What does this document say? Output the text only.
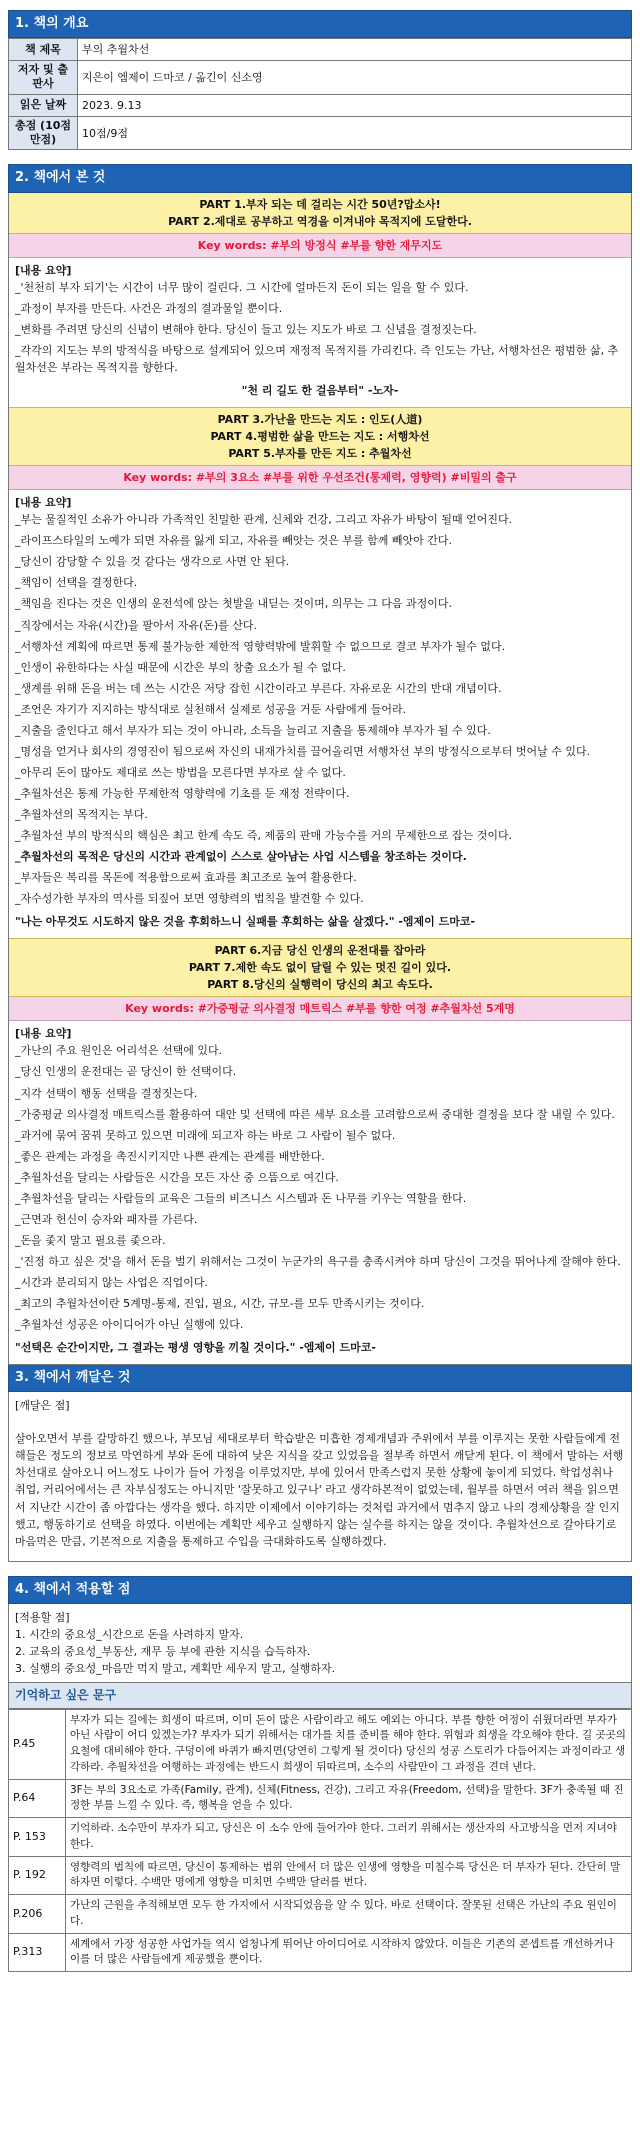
1. 책의 개요
책 제목	부의 추월차선
저자 및 출판사	지은이 엠제이 드마코 / 옮긴이 신소영
읽은 날짜	2023. 9.13
총점 (10점 만점)	10점/9점
2. 책에서 본 것
PART 1.부자 되는 데 걸리는 시간 50년?맙소사!
PART 2.제대로 공부하고 역경을 이겨내야 목적지에 도달한다.
Key words: #부의 방정식 #부를 향한 재무지도
[내용 요약]

_'천천히 부자 되기'는 시간이 너무 많이 걸린다. 그 시간에 얼마든지 돈이 되는 일을 할 수 있다.

_과정이 부자를 만든다. 사건은 과정의 결과물일 뿐이다.

_변화를 주려면 당신의 신념이 변해야 한다. 당신이 들고 있는 지도가 바로 그 신념을 결정짓는다.

_각각의 지도는 부의 방적식을 바탕으로 설계되어 있으며 재정적 목적지를 가리킨다. 즉 인도는 가난, 서행차선은 평범한 삶, 추월차선은 부라는 목적지를 향한다.

"천 리 길도 한 걸음부터" -노자-
PART 3.가난을 만드는 지도 : 인도(人道)
PART 4.평범한 삶을 만드는 지도 : 서행차선
PART 5.부자를 만든 지도 : 추월차선
Key words: #부의 3요소 #부를 위한 우선조건(통제력, 영향력) #비밀의 출구
[내용 요약]

_부는 물질적인 소유가 아니라 가족적인 친밀한 관계, 신체와 건강, 그리고 자유가 바탕이 될때 얻어진다.

_라이프스타일의 노예가 되면 자유를 잃게 되고, 자유를 빼앗는 것은 부를 함께 빼앗아 간다.

_당신이 감당할 수 있을 것 같다는 생각으로 사면 안 된다.

_책임이 선택을 결정한다.

_책임을 진다는 것은 인생의 운전석에 앉는 첫발을 내딛는 것이며, 의무는 그 다음 과정이다.

_직장에서는 자유(시간)을 팔아서 자유(돈)를 산다.

_서행차선 계획에 따르면 통제 불가능한 제한적 영향력밖에 발휘할 수 없으므로 결코 부자가 될수 없다.

_인생이 유한하다는 사실 때문에 시간은 부의 창출 요소가 될 수 없다.

_생계를 위해 돈을 버는 데 쓰는 시간은 저당 잡힌 시간이라고 부른다. 자유로운 시간의 반대 개념이다.

_조언은 자기가 지지하는 방식대로 실천해서 실제로 성공을 거둔 사람에게 들어라.

_지출을 줄인다고 해서 부자가 되는 것이 아니라, 소득을 늘리고 지출을 통제해야 부자가 될 수 있다.

_명성을 얻거나 회사의 경영진이 됨으로써 자신의 내재가치를 끌어올리면 서행차선 부의 방정식으로부터 벗어날 수 있다.

_아무리 돈이 많아도 제대로 쓰는 방법을 모른다면 부자로 살 수 없다.

_추월차선은 통제 가능한 무제한적 영향력에 기초를 둔 재정 전략이다.

_추월차선의 목적지는 부다.

_추월차선 부의 방적식의 핵심은 최고 한계 속도 즉, 제품의 판매 가능수를 거의 무제한으로 잡는 것이다.

_추월차선의 목적은 당신의 시간과 관계없이 스스로 살아남는 사업 시스템을 창조하는 것이다.

_부자들은 복리를 목돈에 적용함으로써 효과를 최고조로 높여 활용한다.

_자수성가한 부자의 역사를 되짚어 보면 영향력의 법칙을 발견할 수 있다.

"나는 아무것도 시도하지 않은 것을 후회하느니 실패를 후회하는 삶을 살겠다." -엠제이 드마코-
PART 6.지금 당신 인생의 운전대를 잡아라
PART 7.제한 속도 없이 달릴 수 있는 멋진 길이 있다.
PART 8.당신의 실행력이 당신의 최고 속도다.
Key words: #가중평균 의사결정 매트릭스 #부를 향한 여정 #추월차선 5계명
[내용 요약]

_가난의 주요 원인은 어리석은 선택에 있다.

_당신 인생의 운전대는 곧 당신이 한 선택이다.

_지각 선택이 행동 선택을 결정짓는다.

_가중평균 의사결정 매트릭스를 활용하여 대안 및 선택에 따른 세부 요소를 고려함으로써 중대한 결정을 보다 잘 내릴 수 있다.

_과거에 묶여 꿈꿔 못하고 있으면 미래에 되고자 하는 바로 그 사람이 될수 없다.

_좋은 관계는 과정을 촉진시키지만 나쁜 관계는 관계를 배반한다.

_추월차선을 달리는 사람들은 시간을 모든 자산 중 으뜸으로 여긴다.

_추월차선을 달리는 사람들의 교육은 그들의 비즈니스 시스템과 돈 나무를 키우는 역할을 한다.

_근면과 헌신이 승자와 패자를 가른다.

_돈을 좇지 말고 필요를 좇으라.

_'진정 하고 싶은 것'을 해서 돈을 벌기 위해서는 그것이 누군가의 욕구를 충족시켜야 하며 당신이 그것을 뛰어나게 잘해야 한다.

_시간과 분리되지 않는 사업은 직업이다.

_최고의 추월차선이란 5계명-통제, 진입, 필요, 시간, 규모-를 모두 만족시키는 것이다.

_추월차선 성공은 아이디어가 아닌 실행에 있다.

"선택은 순간이지만, 그 결과는 평생 영향을 끼칠 것이다." -엠제이 드마코-
3. 책에서 깨달은 것
[깨달은 점]
살아오면서 부를 갈망하긴 했으나, 부모님 세대로부터 학습받은 미흡한 경제개념과 주위에서 부를 이루지는 못한 사람들에게 전해들은 정도의 정보로 막연하게 부와 돈에 대하여 낮은 지식을 갖고 있었음을 절부족 하면서 깨닫게 된다. 이 책에서 말하는 서행차선대로 살아오니 어느정도 나이가 들어 가정을 이루었지만, 부에 있어서 만족스럽지 못한 상황에 놓이게 되었다. 학업성취나 취업, 커리어에서는 큰 자부심정도는 아니지만 '잘못하고 있구나' 라고 생각하본적이 없었는데, 월부를 하면서 여러 책을 읽으면서 지난간 시간이 좀 아깝다는 생각을 했다. 하지만 이제에서 이야기하는 것처럼 과거에서 멈추지 않고 나의 경제상황을 잘 인지했고, 행동하기로 선택을 하였다. 이번에는 계획만 세우고 실행하지 않는 실수를 하지는 않을 것이다. 추월차선으로 갈아타기로 마음먹은 만큼, 기본적으로 지출을 통제하고 수입을 극대화하도록 실행하겠다.
4. 책에서 적용할 점
[적용할 점]
1. 시간의 중요성_시간으로 돈을 사려하지 말자.
2. 교육의 중요성_부동산, 재무 등 부에 관한 지식을 습득하자.
3. 실행의 중요성_마음만 먹지 말고, 계획만 세우지 말고, 실행하자.
기억하고 싶은 문구
P.45	부자가 되는 길에는 희생이 따르며, 이미 돈이 많은 사람이라고 해도 예외는 아니다. 부를 향한 여정이 쉬웠더라면 부자가 아닌 사람이 어디 있겠는가? 부자가 되기 위해서는 대가를 치를 준비를 해야 한다. 위험과 희생을 각오해야 한다. 길 곳곳의 요철에 대비해야 한다. 구덩이에 바퀴가 빠지면(당연히 그렇게 될 것이다) 당신의 성공 스토리가 다듬어지는 과정이라고 생각하라. 추월차선을 여행하는 과정에는 반드시 희생이 뒤따르며, 소수의 사람만이 그 과정을 견뎌 낸다.
P.64	3F는 부의 3요소로 가족(Family, 관계), 신체(Fitness, 건강), 그리고 자유(Freedom, 선택)을 말한다. 3F가 충족될 때 진정한 부를 느낄 수 있다. 즉, 행복을 얻을 수 있다.
P. 153	기억하라. 소수만이 부자가 되고, 당신은 이 소수 안에 들어가야 한다. 그러기 위해서는 생산자의 사고방식을 먼저 지녀야 한다.
P. 192	영향력의 법칙에 따르면, 당신이 통제하는 범위 안에서 더 많은 인생에 영향을 미칠수록 당신은 더 부자가 된다. 간단히 말하자면 이렇다. 수백만 명에게 영향을 미치면 수백만 달러를 번다.
P.206	가난의 근원을 추적해보면 모두 한 가지에서 시작되었음을 알 수 있다. 바로 선택이다. 잘못된 선택은 가난의 주요 원인이다.
P.313	세계에서 가장 성공한 사업가들 역시 엄청나게 뛰어난 아이디어로 시작하지 않았다. 이들은 기존의 콘셉트를 개선하거나 이를 더 많은 사람들에게 제공했을 뿐이다.
